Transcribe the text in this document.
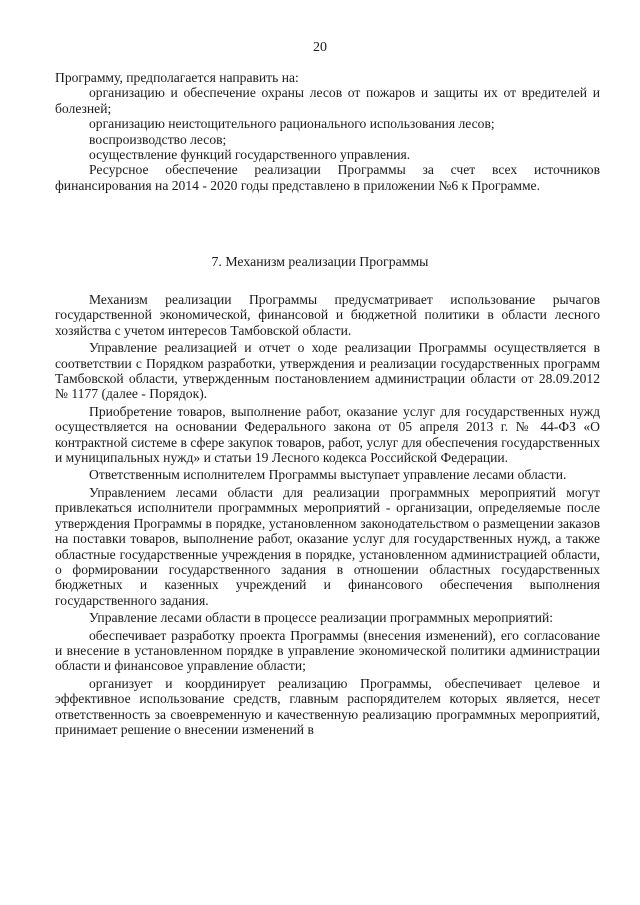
20

Программу, предполагается направить на:

организацию и обеспечение охраны лесов от пожаров и защиты их от вредителей и болезней;

организацию неистощительного рационального использования лесов;

воспроизводство лесов;

осуществление функций государственного управления.

Ресурсное обеспечение реализации Программы за счет всех источников финансирования на 2014 - 2020 годы представлено в приложении №6 к Программе.

7. Механизм реализации Программы

Механизм реализации Программы предусматривает использование рычагов государственной экономической, финансовой и бюджетной политики в области лесного хозяйства с учетом интересов Тамбовской области.

Управление реализацией и отчет о ходе реализации Программы осуществляется в соответствии с Порядком разработки, утверждения и реализации государственных программ Тамбовской области, утвержденным постановлением администрации области от 28.09.2012 № 1177 (далее - Порядок).

Приобретение товаров, выполнение работ, оказание услуг для государственных нужд осуществляется на основании Федерального закона от 05 апреля 2013 г. № 44-ФЗ «О контрактной системе в сфере закупок товаров, работ, услуг для обеспечения государственных и муниципальных нужд» и статьи 19 Лесного кодекса Российской Федерации.

Ответственным исполнителем Программы выступает управление лесами области.

Управлением лесами области для реализации программных мероприятий могут привлекаться исполнители программных мероприятий - организации, определяемые после утверждения Программы в порядке, установленном законодательством о размещении заказов на поставки товаров, выполнение работ, оказание услуг для государственных нужд, а также областные государственные учреждения в порядке, установленном администрацией области, о формировании государственного задания в отношении областных государственных бюджетных и казенных учреждений и финансового обеспечения выполнения государственного задания.

Управление лесами области в процессе реализации программных мероприятий:

обеспечивает разработку проекта Программы (внесения изменений), его согласование и внесение в установленном порядке в управление экономической политики администрации области и финансовое управление области;

организует и координирует реализацию Программы, обеспечивает целевое и эффективное использование средств, главным распорядителем которых является, несет ответственность за своевременную и качественную реализацию программных мероприятий, принимает решение о внесении изменений в
